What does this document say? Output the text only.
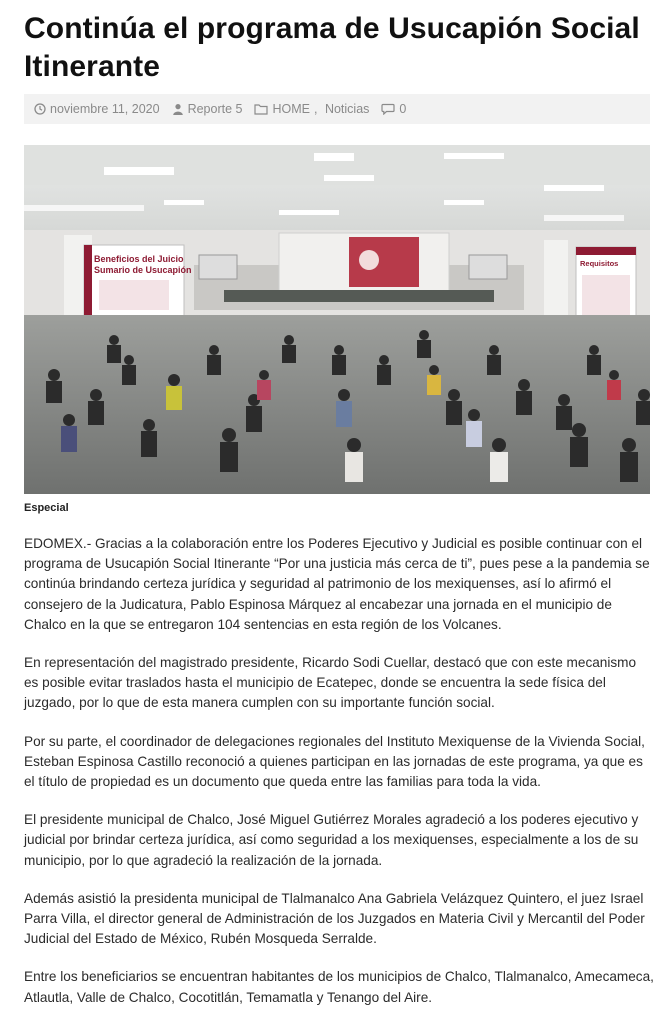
Continúa el programa de Usucapión Social Itinerante
noviembre 11, 2020 Reporte 5 HOME , Noticias 0
Beneficios del Juicio
Sumario de Usucapión
Requisitos
Especial

EDOMEX.- Gracias a la colaboración entre los Poderes Ejecutivo y Judicial es posible continuar con el programa de Usucapión Social Itinerante “Por una justicia más cerca de ti”, pues pese a la pandemia se continúa brindando certeza jurídica y seguridad al patrimonio de los mexiquenses, así lo afirmó el consejero de la Judicatura, Pablo Espinosa Márquez al encabezar una jornada en el municipio de Chalco en la que se entregaron 104 sentencias en esta región de los Volcanes.

En representación del magistrado presidente, Ricardo Sodi Cuellar, destacó que con este mecanismo es posible evitar traslados hasta el municipio de Ecatepec, donde se encuentra la sede física del juzgado, por lo que de esta manera cumplen con su importante función social.

Por su parte, el coordinador de delegaciones regionales del Instituto Mexiquense de la Vivienda Social, Esteban Espinosa Castillo reconoció a quienes participan en las jornadas de este programa, ya que es el título de propiedad es un documento que queda entre las familias para toda la vida.

El presidente municipal de Chalco, José Miguel Gutiérrez Morales agradeció a los poderes ejecutivo y judicial por brindar certeza jurídica, así como seguridad a los mexiquenses, especialmente a los de su municipio, por lo que agradeció la realización de la jornada.

Además asistió la presidenta municipal de Tlalmanalco Ana Gabriela Velázquez Quintero, el juez Israel Parra Villa, el director general de Administración de los Juzgados en Materia Civil y Mercantil del Poder Judicial del Estado de México, Rubén Mosqueda Serralde.

Entre los beneficiarios se encuentran habitantes de los municipios de Chalco, Tlalmanalco, Amecameca, Atlautla, Valle de Chalco, Cocotitlán, Temamatla y Tenango del Aire.
